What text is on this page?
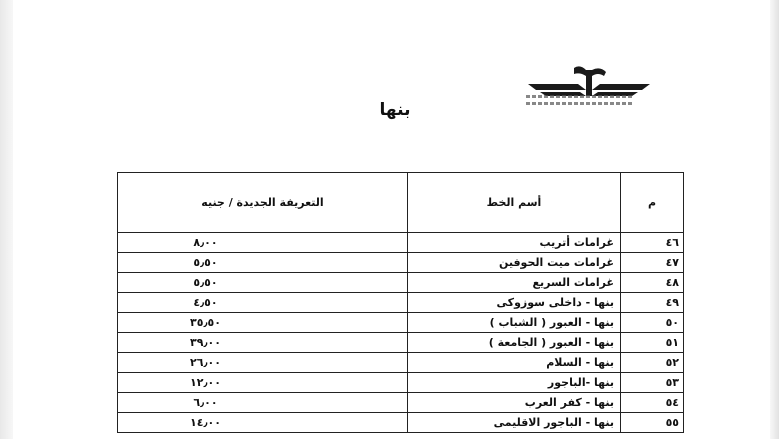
بنها
م	أسم الخط	التعريفة الجديدة / جنيه
٤٦	غرامات أتريب	٨٫٠٠
٤٧	غرامات ميت الحوفين	٥٫٥٠
٤٨	غرامات السريع	٥٫٥٠
٤٩	بنها - داخلى سوزوكى	٤٫٥٠
٥٠	بنها - العبور ( الشباب )	٣٥٫٥٠
٥١	بنها - العبور ( الجامعة )	٣٩٫٠٠
٥٢	بنها - السلام	٢٦٫٠٠
٥٣	بنها -الباجور	١٢٫٠٠
٥٤	بنها - كفر العرب	٦٫٠٠
٥٥	بنها - الباجور الاقليمى	١٤٫٠٠
